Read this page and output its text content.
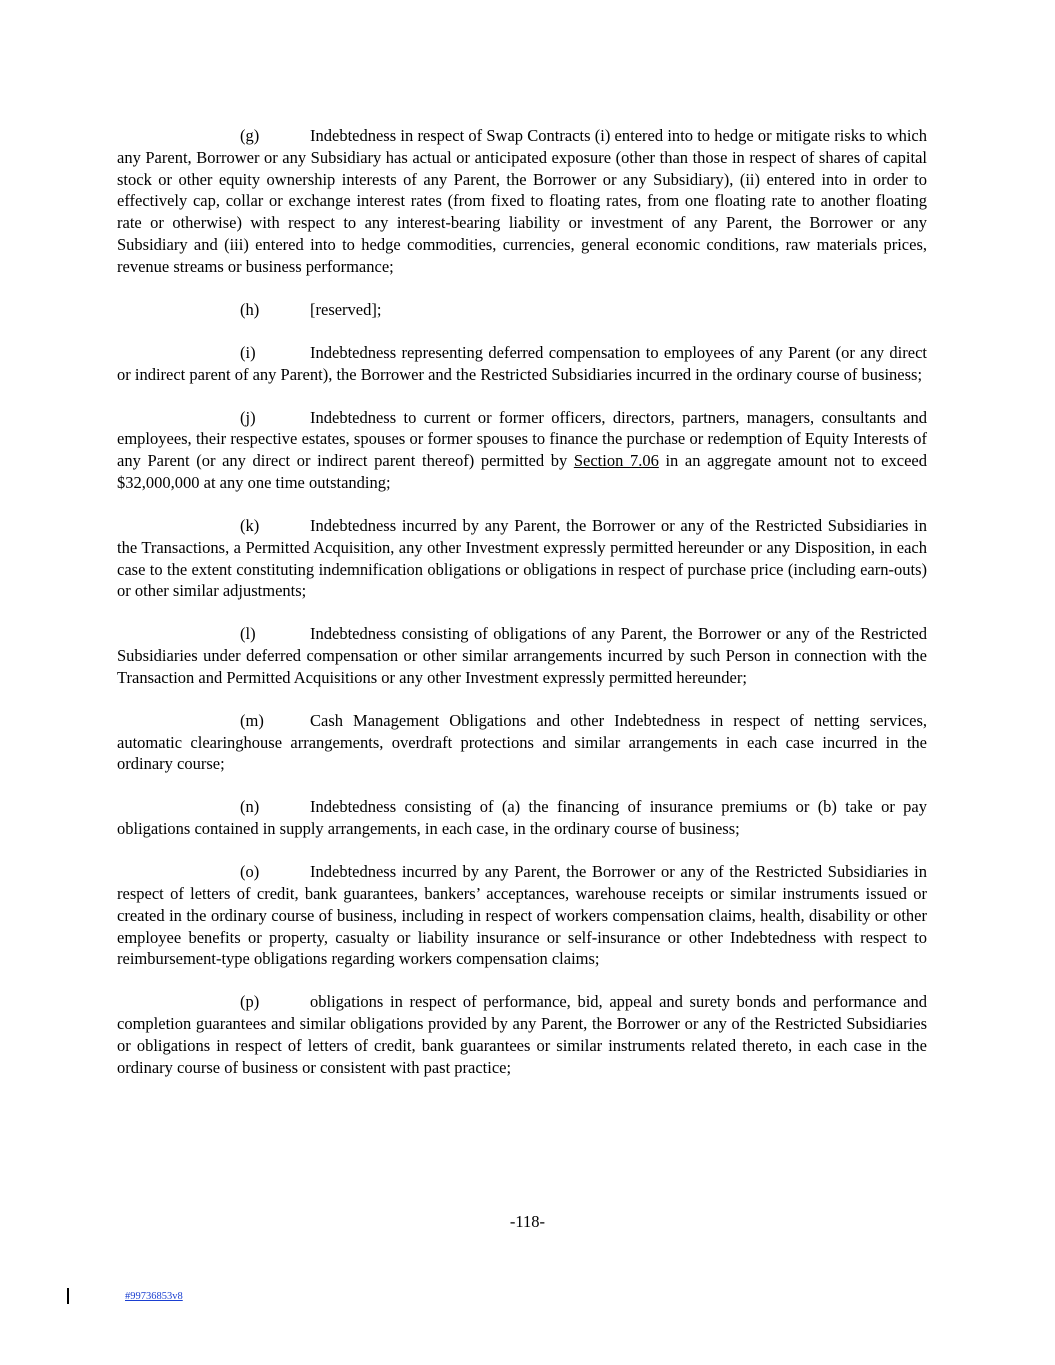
(g)	Indebtedness in respect of Swap Contracts (i) entered into to hedge or mitigate risks to which any Parent, Borrower or any Subsidiary has actual or anticipated exposure (other than those in respect of shares of capital stock or other equity ownership interests of any Parent, the Borrower or any Subsidiary), (ii) entered into in order to effectively cap, collar or exchange interest rates (from fixed to floating rates, from one floating rate to another floating rate or otherwise) with respect to any interest-bearing liability or investment of any Parent, the Borrower or any Subsidiary and (iii) entered into to hedge commodities, currencies, general economic conditions, raw materials prices, revenue streams or business performance;

(h)	[reserved];

(i)	Indebtedness representing deferred compensation to employees of any Parent (or any direct or indirect parent of any Parent), the Borrower and the Restricted Subsidiaries incurred in the ordinary course of business;

(j)	Indebtedness to current or former officers, directors, partners, managers, consultants and employees, their respective estates, spouses or former spouses to finance the purchase or redemption of Equity Interests of any Parent (or any direct or indirect parent thereof) permitted by Section 7.06 in an aggregate amount not to exceed $32,000,000 at any one time outstanding;

(k)	Indebtedness incurred by any Parent, the Borrower or any of the Restricted Subsidiaries in the Transactions, a Permitted Acquisition, any other Investment expressly permitted hereunder or any Disposition, in each case to the extent constituting indemnification obligations or obligations in respect of purchase price (including earn-outs) or other similar adjustments;

(l)	Indebtedness consisting of obligations of any Parent, the Borrower or any of the Restricted Subsidiaries under deferred compensation or other similar arrangements incurred by such Person in connection with the Transaction and Permitted Acquisitions or any other Investment expressly permitted hereunder;

(m)	Cash Management Obligations and other Indebtedness in respect of netting services, automatic clearinghouse arrangements, overdraft protections and similar arrangements in each case incurred in the ordinary course;

(n)	Indebtedness consisting of (a) the financing of insurance premiums or (b) take or pay obligations contained in supply arrangements, in each case, in the ordinary course of business;

(o)	Indebtedness incurred by any Parent, the Borrower or any of the Restricted Subsidiaries in respect of letters of credit, bank guarantees, bankers’ acceptances, warehouse receipts or similar instruments issued or created in the ordinary course of business, including in respect of workers compensation claims, health, disability or other employee benefits or property, casualty or liability insurance or self-insurance or other Indebtedness with respect to reimbursement-type obligations regarding workers compensation claims;

(p)	obligations in respect of performance, bid, appeal and surety bonds and performance and completion guarantees and similar obligations provided by any Parent, the Borrower or any of the Restricted Subsidiaries or obligations in respect of letters of credit, bank guarantees or similar instruments related thereto, in each case in the ordinary course of business or consistent with past practice;

-118-
#99736853v8
